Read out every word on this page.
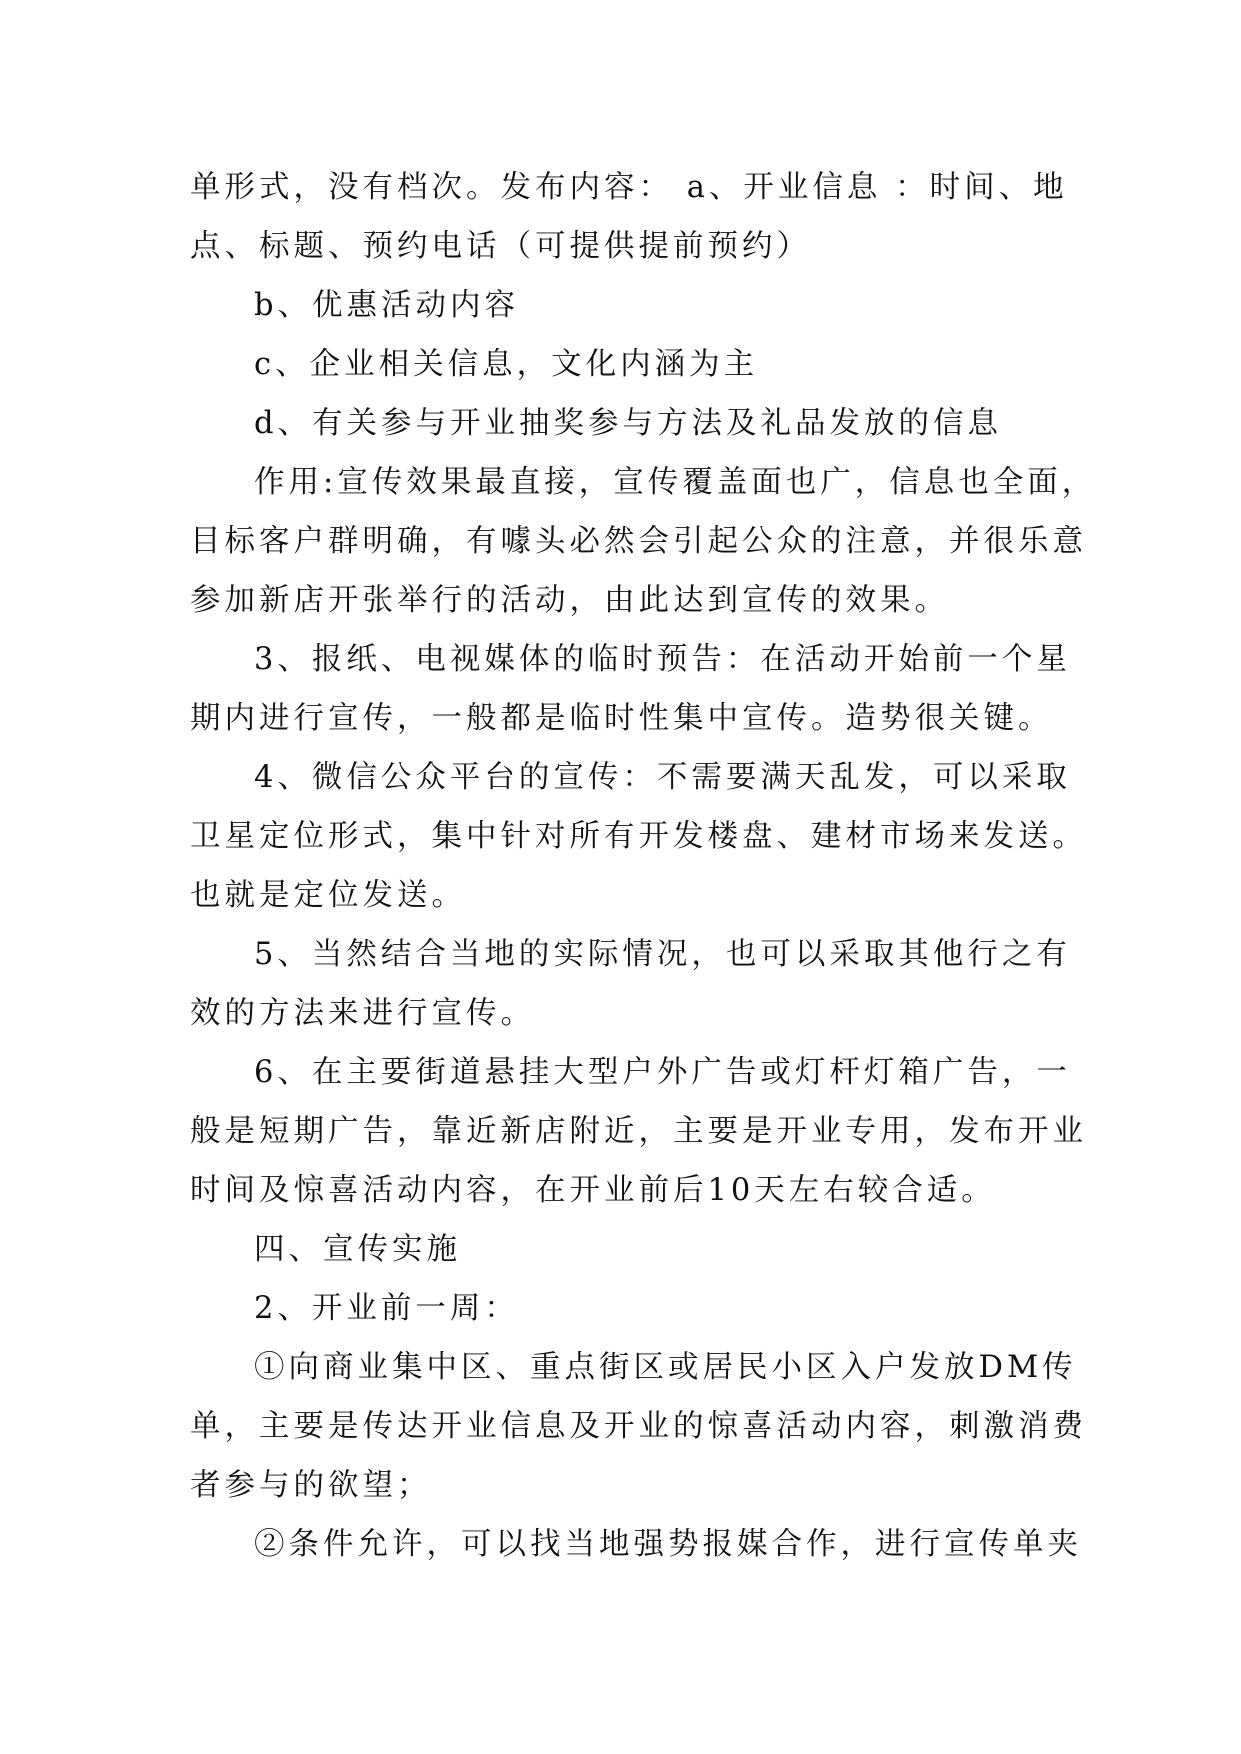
单形式，没有档次。发布内容： a、开业信息 ：时间、地
点、标题、预约电话（可提供提前预约）
b、优惠活动内容
c、企业相关信息，文化内涵为主
d、有关参与开业抽奖参与方法及礼品发放的信息
作用:宣传效果最直接，宣传覆盖面也广，信息也全面，
目标客户群明确，有噱头必然会引起公众的注意，并很乐意
参加新店开张举行的活动，由此达到宣传的效果。
3、报纸、电视媒体的临时预告：在活动开始前一个星
期内进行宣传，一般都是临时性集中宣传。造势很关键。
4、微信公众平台的宣传：不需要满天乱发，可以采取
卫星定位形式，集中针对所有开发楼盘、建材市场来发送。
也就是定位发送。
5、当然结合当地的实际情况，也可以采取其他行之有
效的方法来进行宣传。
6、在主要街道悬挂大型户外广告或灯杆灯箱广告，一
般是短期广告，靠近新店附近，主要是开业专用，发布开业
时间及惊喜活动内容，在开业前后10天左右较合适。
四、宣传实施
2、开业前一周：
①向商业集中区、重点街区或居民小区入户发放DM传
单，主要是传达开业信息及开业的惊喜活动内容，刺激消费
者参与的欲望；
②条件允许，可以找当地强势报媒合作，进行宣传单夹
